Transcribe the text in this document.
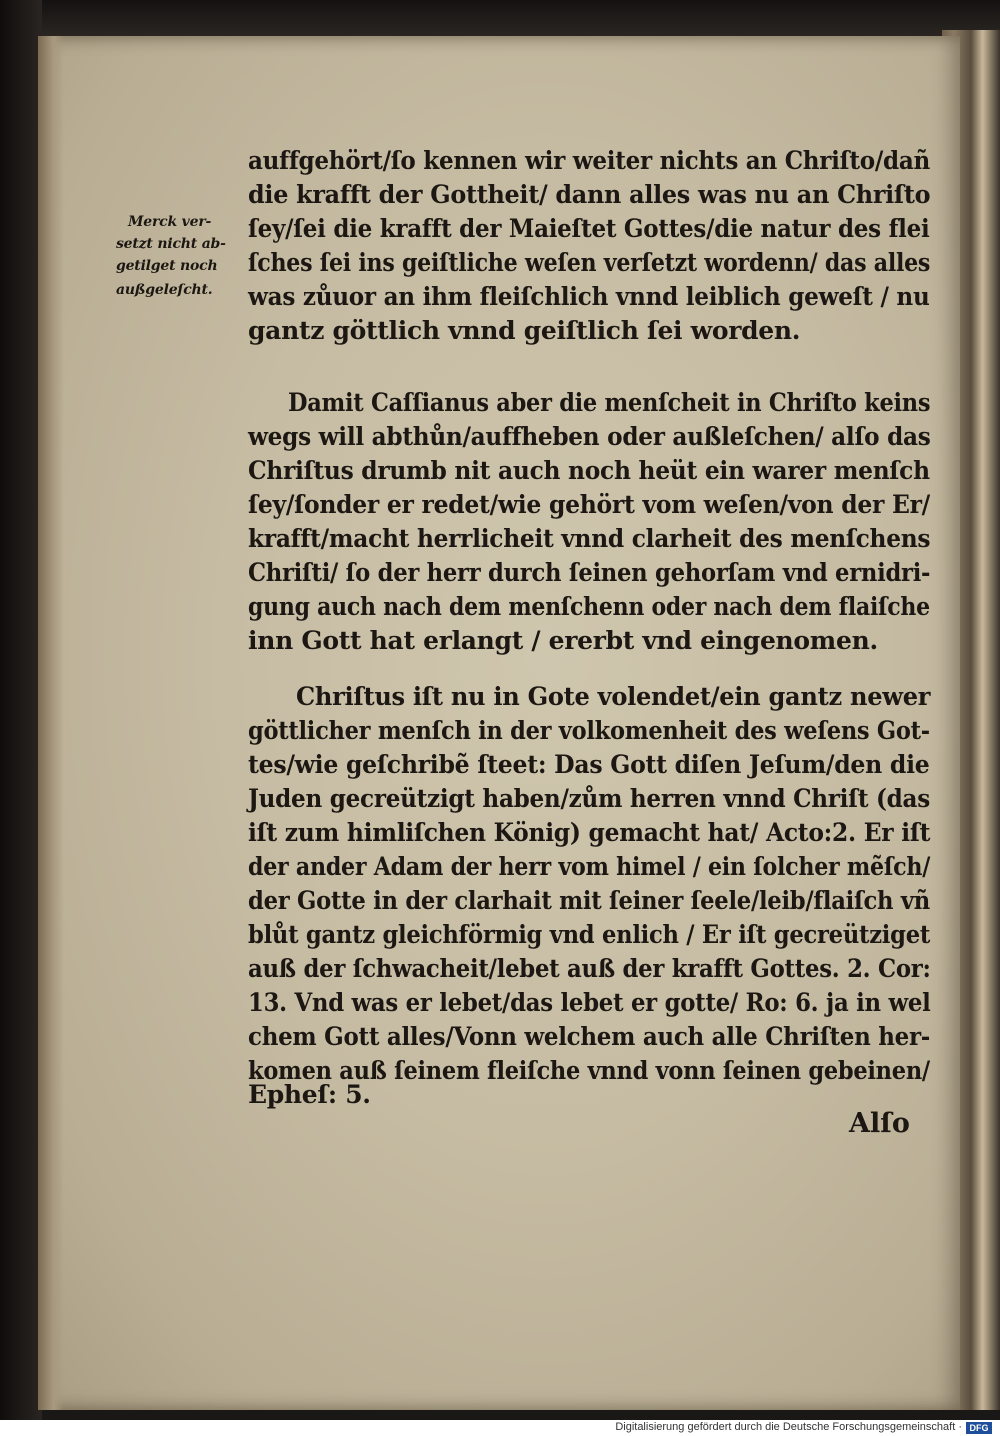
Merck ver-
setzt nicht ab-
getilget noch
außgeleſcht.
auffgehört/ſo kennen wir weiter nichts an Chriſto/dañ
die krafft der Gottheit/ dann alles was nu an Chriſto
ſey/ſei die krafft der Maieſtet Gottes/die natur des flei
ſches ſei ins geiſtliche weſen verſetzt wordenn/ das alles
was zůuor an ihm fleiſchlich vnnd leiblich geweſt / nu
gantz göttlich vnnd geiſtlich ſei worden.
Damit Caſſianus aber die menſcheit in Chriſto keins
wegs will abthůn/auffheben oder außleſchen/ alſo das
Chriſtus drumb nit auch noch heüt ein warer menſch
ſey/ſonder er redet/wie gehört vom weſen/von der Er/
krafft/macht herrlicheit vnnd clarheit des menſchens
Chriſti/ ſo der herr durch ſeinen gehorſam vnd ernidri-
gung auch nach dem menſchenn oder nach dem flaiſche
inn Gott hat erlangt / ererbt vnd eingenomen.
Chriſtus iſt nu in Gote volendet/ein gantz newer
göttlicher menſch in der volkomenheit des weſens Got-
tes/wie geſchribẽ ſteet: Das Gott diſen Jeſum/den die
Juden gecreützigt haben/zům herren vnnd Chriſt (das
iſt zum himliſchen König) gemacht hat/ Acto:2. Er iſt
der ander Adam der herr vom himel / ein ſolcher mẽſch/
der Gotte in der clarhait mit ſeiner ſeele/leib/flaiſch vñ
blůt gantz gleichförmig vnd enlich / Er iſt gecreütziget
auß der ſchwacheit/lebet auß der krafft Gottes. 2. Cor:
13. Vnd was er lebet/das lebet er gotte/ Ro: 6. ja in wel
chem Gott alles/Vonn welchem auch alle Chriſten her-
komen auß ſeinem fleiſche vnnd vonn ſeinen gebeinen/
Epheſ: 5.
Alſo
Digitalisierung gefördert durch die Deutsche Forschungsgemeinschaft · DFG
